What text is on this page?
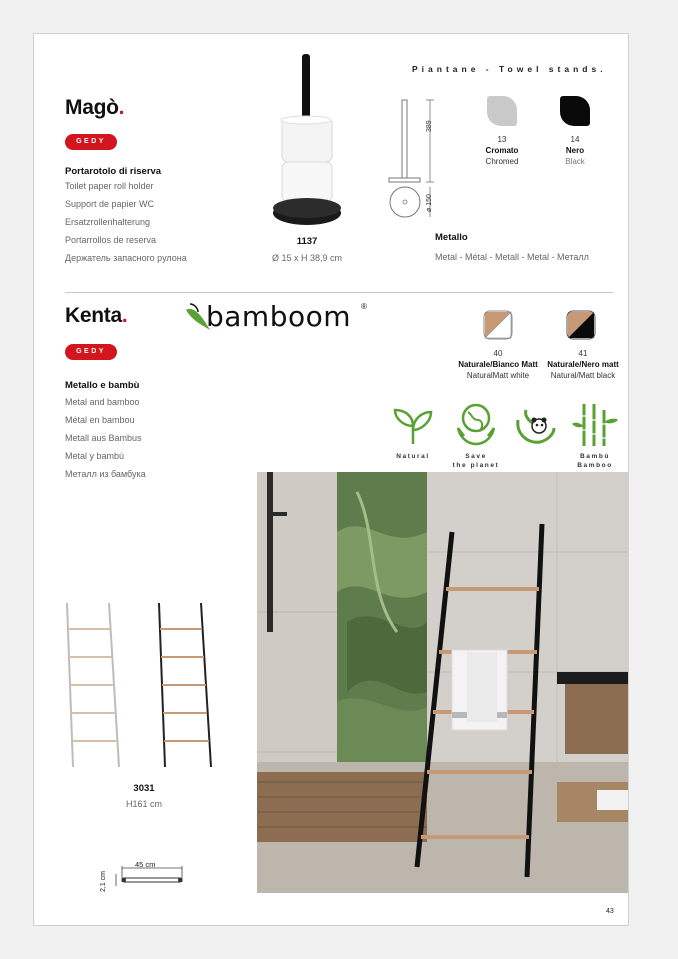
Piantane - Towel stands.
Magò.
GEDY
Portarotolo di riserva
Toilet paper roll holder
Support de papier WC
Ersatzrollenhalterung
Portarrollos de reserva
Держатель запасного рулона
1137
Ø 15 x H 38,9 cm
389
ø 150
13
Cromato
Chromed
14
Nero
Black
Metallo
Metal - Métal - Metall - Metal - Металл
Kenta.	bamboom ®
GEDY
Metallo e bambù
Metal and bamboo
Métal en bambou
Metall aus Bambus
Metal y bambù
Металл из бамбука
40
Naturale/Bianco Matt
NaturalMatt white
41
Naturale/Nero matt
Natural/Matt black
Natural	Save
the planet
Bambù
Bamboo
3031
H161 cm
45 cm
2,1 cm
43
